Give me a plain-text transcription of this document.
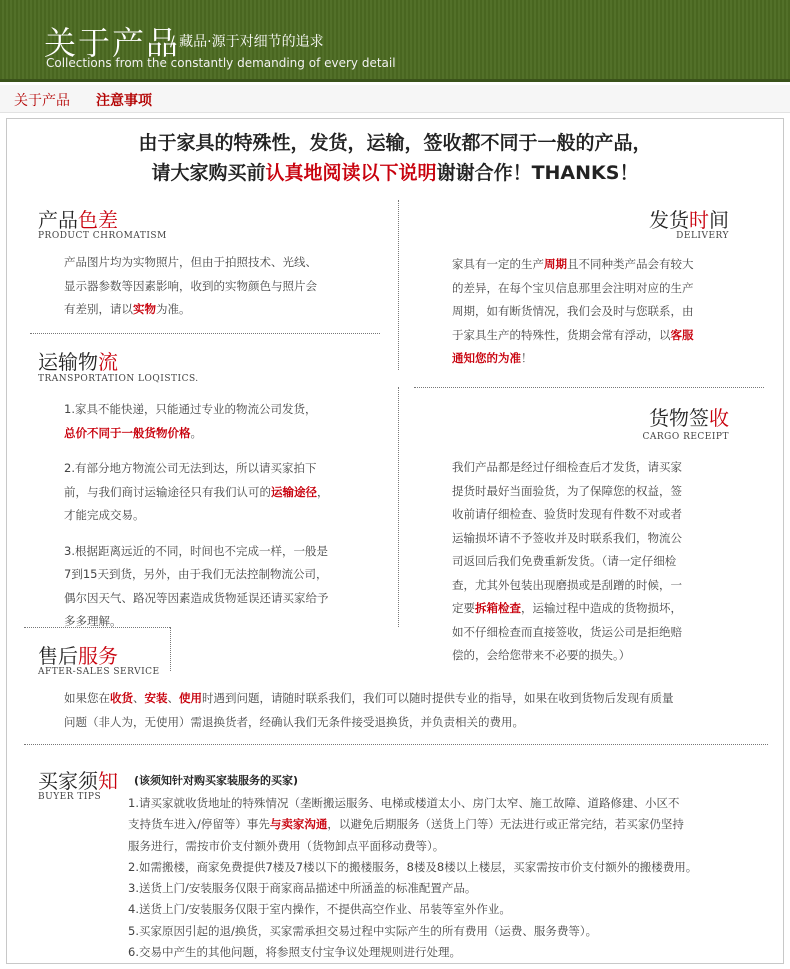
关于产品
/ 藏品·源于对细节的追求
Collections from the constantly demanding of every detail
关于产品 注意事项
由于家具的特殊性，发货，运输，签收都不同于一般的产品，
请大家购买前认真地阅读以下说明谢谢合作！THANKS！
产品色差
PRODUCT CHROMATISM
产品图片均为实物照片，但由于拍照技术、光线、
显示器参数等因素影响，收到的实物颜色与照片会
有差别，请以实物为准。
发货时间
DELIVERY
家具有一定的生产周期且不同种类产品会有较大
的差异，在每个宝贝信息那里会注明对应的生产
周期，如有断货情况，我们会及时与您联系，由
于家具生产的特殊性，货期会常有浮动，以客服
通知您的为准！
运输物流
TRANSPORTATION LOQISTICS.
1.家具不能快递，只能通过专业的物流公司发货，
总价不同于一般货物价格。
2.有部分地方物流公司无法到达，所以请买家拍下
前，与我们商讨运输途径只有我们认可的运输途径，
才能完成交易。
3.根据距离远近的不同，时间也不完成一样，一般是
7到15天到货，另外，由于我们无法控制物流公司，
偶尔因天气、路况等因素造成货物延误还请买家给予
多多理解。
货物签收
CARGO RECEIPT
我们产品都是经过仔细检查后才发货，请买家
提货时最好当面验货，为了保障您的权益，签
收前请仔细检查、验货时发现有件数不对或者
运输损坏请不予签收并及时联系我们，物流公
司返回后我们免费重新发货。（请一定仔细检
查，尤其外包装出现磨损或是刮蹭的时候，一
定要拆箱检查，运输过程中造成的货物损坏，
如不仔细检查而直接签收，货运公司是拒绝赔
偿的，会给您带来不必要的损失。）
售后服务
AFTER-SALES SERVICE
如果您在收货、安装、使用时遇到问题，请随时联系我们，我们可以随时提供专业的指导，如果在收到货物后发现有质量
问题（非人为，无使用）需退换货者，经确认我们无条件接受退换货，并负责相关的费用。
买家须知 (该须知针对购买家装服务的买家)
BUYER TIPS 1.请买家就收货地址的特殊情况（垄断搬运服务、电梯或楼道太小、房门太窄、施工故障、道路修建、小区不
支持货车进入/停留等）事先与卖家沟通，以避免后期服务（送货上门等）无法进行或正常完结，若买家仍坚持
服务进行，需按市价支付额外费用（货物卸点平面移动费等）。
2.如需搬楼，商家免费提供7楼及7楼以下的搬楼服务，8楼及8楼以上楼层，买家需按市价支付额外的搬楼费用。
3.送货上门/安装服务仅限于商家商品描述中所涵盖的标准配置产品。
4.送货上门/安装服务仅限于室内操作，不提供高空作业、吊装等室外作业。
5.买家原因引起的退/换货，买家需承担交易过程中实际产生的所有费用（运费、服务费等）。
6.交易中产生的其他问题，将参照支付宝争议处理规则进行处理。
